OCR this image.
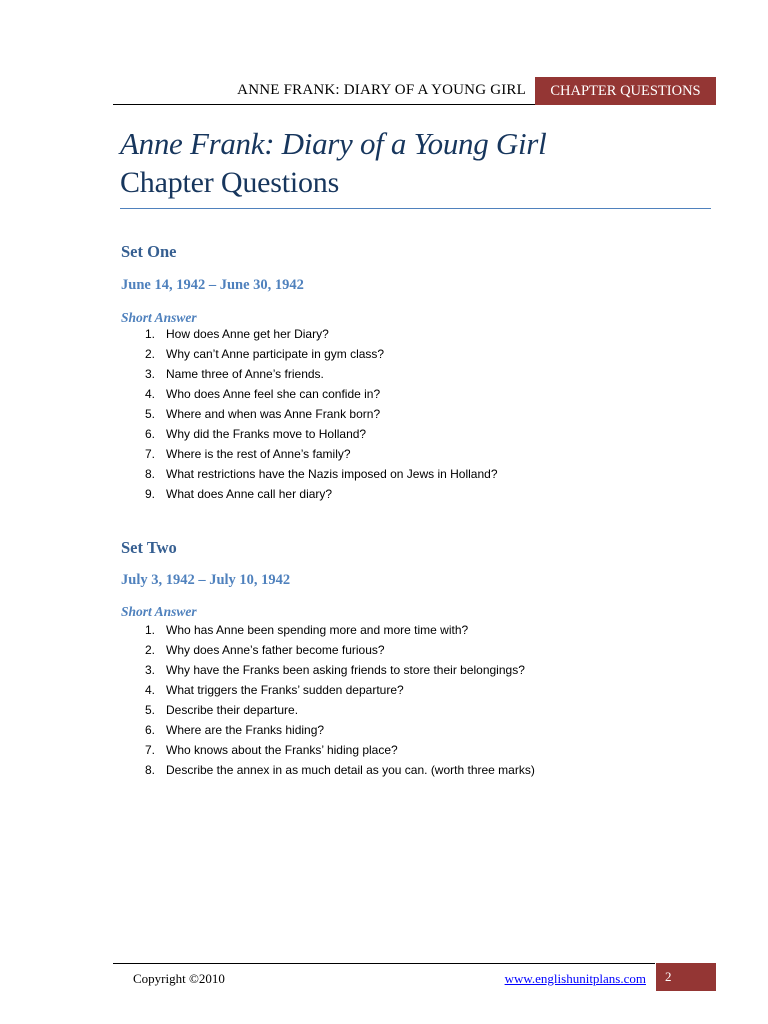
ANNE FRANK: DIARY OF A YOUNG GIRL	CHAPTER QUESTIONS
Anne Frank: Diary of a Young Girl
Chapter Questions
Set One
June 14, 1942 – June 30, 1942
Short Answer
1. How does Anne get her Diary?
2. Why can’t Anne participate in gym class?
3. Name three of Anne’s friends.
4. Who does Anne feel she can confide in?
5. Where and when was Anne Frank born?
6. Why did the Franks move to Holland?
7. Where is the rest of Anne’s family?
8. What restrictions have the Nazis imposed on Jews in Holland?
9. What does Anne call her diary?
Set Two
July 3, 1942 – July 10, 1942
Short Answer
1. Who has Anne been spending more and more time with?
2. Why does Anne’s father become furious?
3. Why have the Franks been asking friends to store their belongings?
4. What triggers the Franks’ sudden departure?
5. Describe their departure.
6. Where are the Franks hiding?
7. Who knows about the Franks’ hiding place?
8. Describe the annex in as much detail as you can. (worth three marks)
Copyright ©2010	www.englishunitplans.com	2
